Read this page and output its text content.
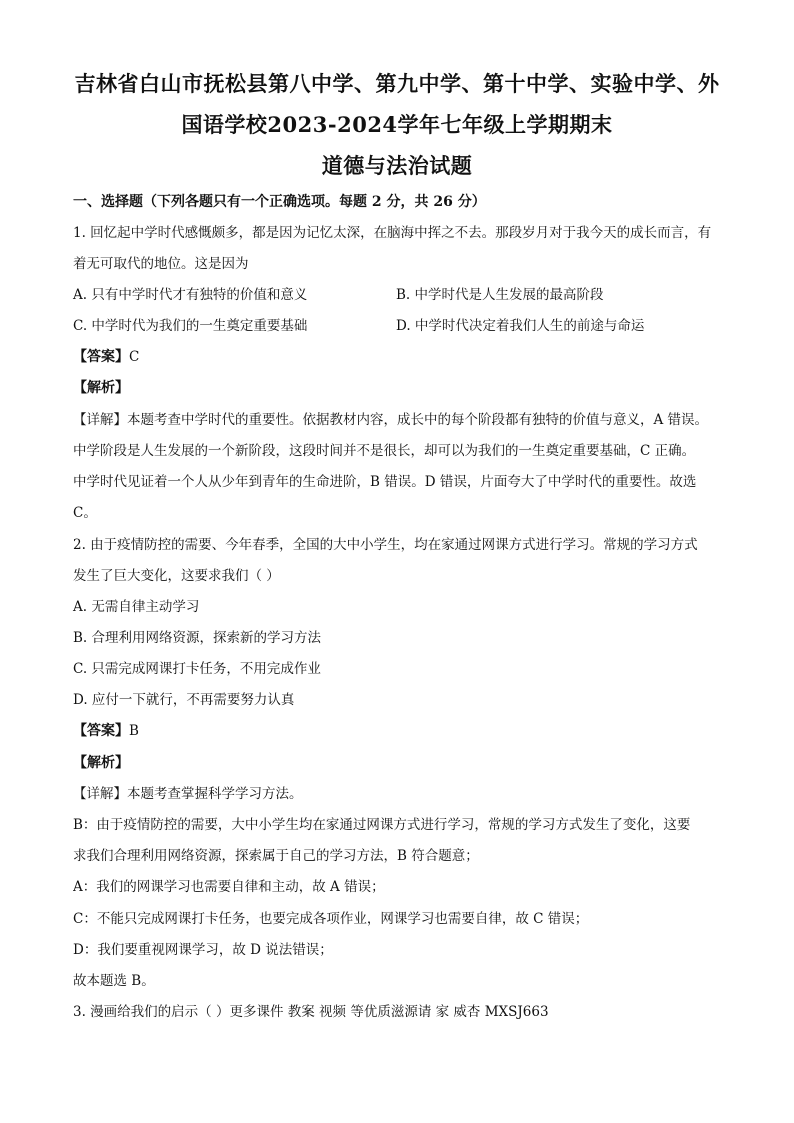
吉林省白山市抚松县第八中学、第九中学、第十中学、实验中学、外
国语学校2023-2024学年七年级上学期期末
道德与法治试题
一、选择题（下列各题只有一个正确选项。每题 2 分，共 26 分）
1. 回忆起中学时代感慨颇多，都是因为记忆太深，在脑海中挥之不去。那段岁月对于我今天的成长而言，有
着无可取代的地位。这是因为
A. 只有中学时代才有独特的价值和意义	B. 中学时代是人生发展的最高阶段
C. 中学时代为我们的一生奠定重要基础	D. 中学时代决定着我们人生的前途与命运
【答案】C
【解析】
【详解】本题考查中学时代的重要性。依据教材内容，成长中的每个阶段都有独特的价值与意义，A 错误。
中学阶段是人生发展的一个新阶段，这段时间并不是很长，却可以为我们的一生奠定重要基础，C 正确。
中学时代见证着一个人从少年到青年的生命进阶，B 错误。D 错误，片面夸大了中学时代的重要性。故选
C。
2. 由于疫情防控的需要、今年春季，全国的大中小学生，均在家通过网课方式进行学习。常规的学习方式
发生了巨大变化，这要求我们（ ）
A. 无需自律主动学习
B. 合理利用网络资源，探索新的学习方法
C. 只需完成网课打卡任务，不用完成作业
D. 应付一下就行，不再需要努力认真
【答案】B
【解析】
【详解】本题考查掌握科学学习方法。
B：由于疫情防控的需要，大中小学生均在家通过网课方式进行学习，常规的学习方式发生了变化，这要
求我们合理利用网络资源，探索属于自己的学习方法，B 符合题意；
A：我们的网课学习也需要自律和主动，故 A 错误；
C：不能只完成网课打卡任务，也要完成各项作业，网课学习也需要自律，故 C 错误；
D：我们要重视网课学习，故 D 说法错误；
故本题选 B。
3. 漫画给我们的启示（ ）更多课件 教案 视频 等优质滋源请 家 威杏 MXSJ663
